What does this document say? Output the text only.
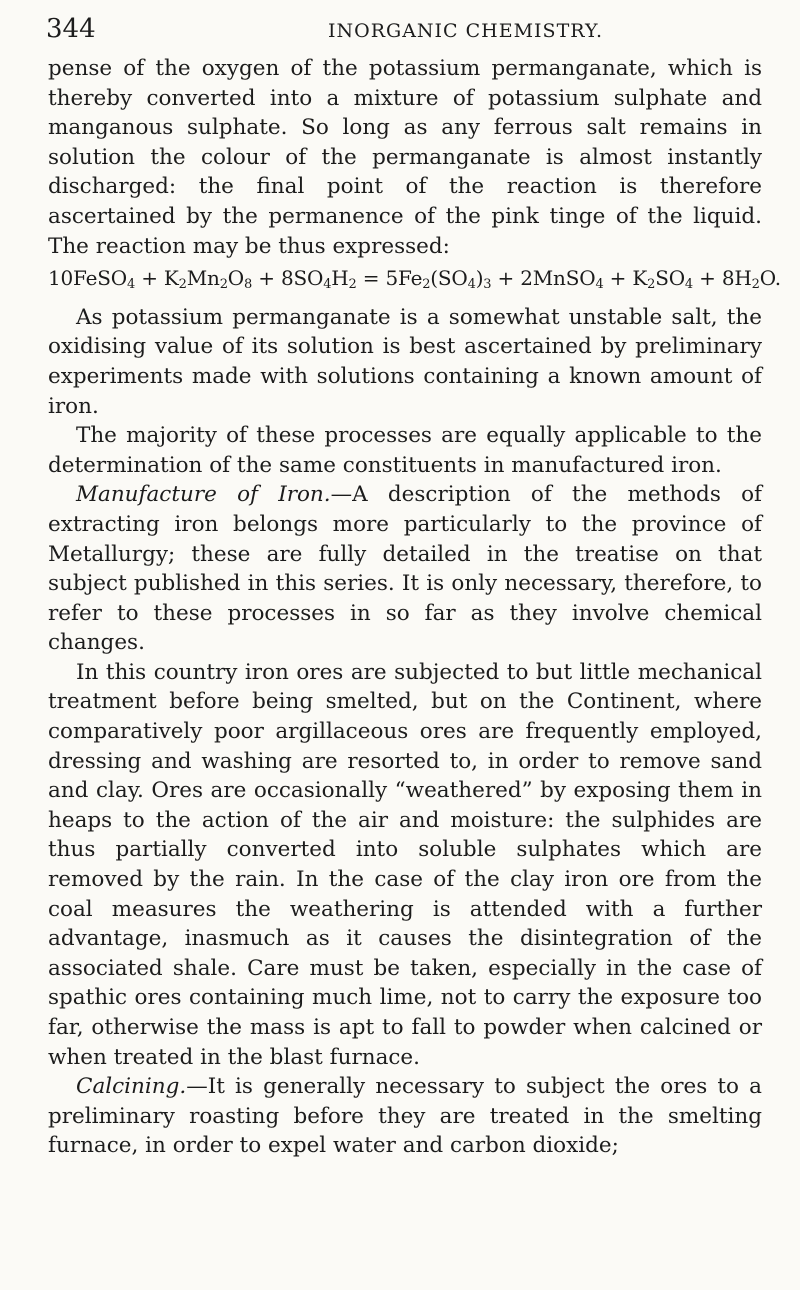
344	INORGANIC CHEMISTRY.

pense of the oxygen of the potassium permanganate, which is thereby converted into a mixture of potassium sulphate and manganous sulphate. So long as any ferrous salt remains in solution the colour of the permanganate is almost instantly discharged: the final point of the reaction is therefore ascertained by the permanence of the pink tinge of the liquid. The reaction may be thus expressed:

10FeSO$_4$ + $K_2Mn_2O_8 + 8SO_4H_2 = 5Fe_2(SO_4)_3$ + 2MnSO$_4$ + $K_2SO_4 + 8H_2O$.

As potassium permanganate is a somewhat unstable salt, the oxidising value of its solution is best ascertained by preliminary experiments made with solutions containing a known amount of iron.

The majority of these processes are equally applicable to the determination of the same constituents in manufactured iron.

Manufacture of Iron.—A description of the methods of extracting iron belongs more particularly to the province of Metallurgy; these are fully detailed in the treatise on that subject published in this series. It is only necessary, therefore, to refer to these processes in so far as they involve chemical changes.

In this country iron ores are subjected to but little mechanical treatment before being smelted, but on the Continent, where comparatively poor argillaceous ores are frequently employed, dressing and washing are resorted to, in order to remove sand and clay. Ores are occasionally “weathered” by exposing them in heaps to the action of the air and moisture: the sulphides are thus partially converted into soluble sulphates which are removed by the rain. In the case of the clay iron ore from the coal measures the weathering is attended with a further advantage, inasmuch as it causes the disintegration of the associated shale. Care must be taken, especially in the case of spathic ores containing much lime, not to carry the exposure too far, otherwise the mass is apt to fall to powder when calcined or when treated in the blast furnace.

Calcining.—It is generally necessary to subject the ores to a preliminary roasting before they are treated in the smelting furnace, in order to expel water and carbon dioxide;
